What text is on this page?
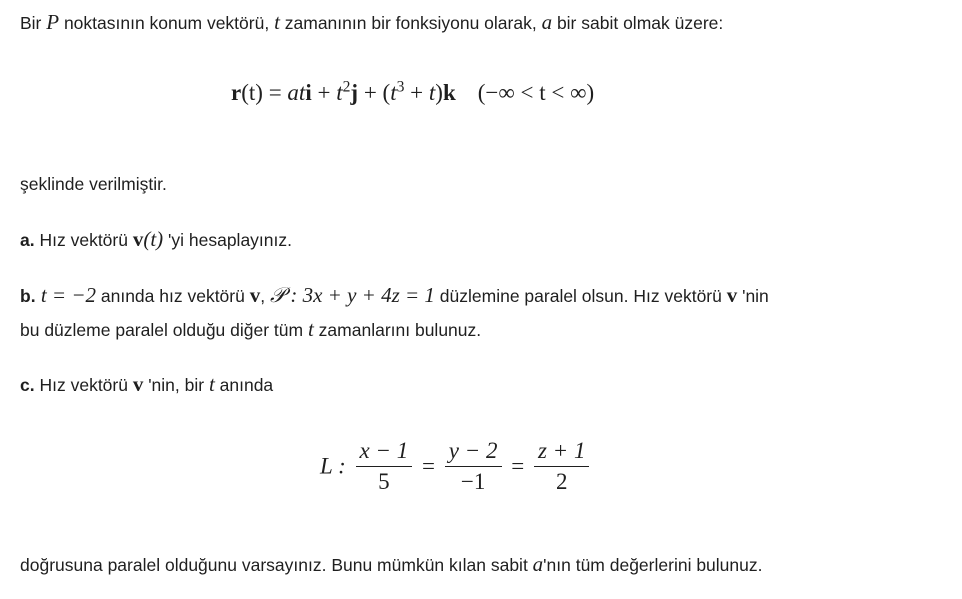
Bir P noktasının konum vektörü, t zamanının bir fonksiyonu olarak, a bir sabit olmak üzere:
r(t) = ati + $t^2j + (t^3 + t)k$ (−∞ < t < ∞)
şeklinde verilmiştir.
a. Hız vektörü v(t) 'yi hesaplayınız.
b. t = −2 anında hız vektörü v, 𝒫 : 3x + y + 4z = 1 düzlemine paralel olsun. Hız vektörü v 'nin
bu düzleme paralel olduğu diğer tüm t zamanlarını bulunuz.
c. Hız vektörü v 'nin, bir t anında
L : $\frac{x - 1}{5} = \frac{y - 2}{-1} = \frac{z + 1}{2}$
doğrusuna paralel olduğunu varsayınız. Bunu mümkün kılan sabit a'nın tüm değerlerini bulunuz.
